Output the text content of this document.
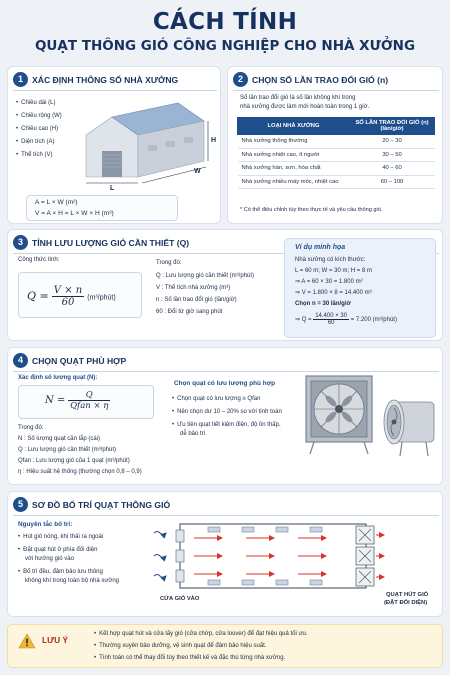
CÁCH TÍNH
QUẠT THÔNG GIÓ CÔNG NGHIỆP CHO NHÀ XƯỞNG
1	XÁC ĐỊNH THÔNG SỐ NHÀ XƯỞNG
• Chiều dài (L)
• Chiều rộng (W)
• Chiều cao (H)
• Diện tích (A)
• Thể tích (V)
H
L
W
A = L × W (m²)
V = A × H = L × W × H (m³)
2	CHỌN SỐ LẦN TRAO ĐỔI GIÓ (n)
Số lần trao đổi gió là số lần không khí trong
nhà xưởng được làm mới hoàn toàn trong 1 giờ.
LOẠI NHÀ XƯỞNG	SỐ LẦN TRAO ĐỔI GIÓ (n) (lần/giờ)
Nhà xưởng thông thường	20 – 30
Nhà xưởng nhiệt cao, ít người	30 – 50
Nhà xưởng hàn, sơn, hóa chất	40 – 60
Nhà xưởng nhiều máy móc, nhiệt cao	60 – 100
* Có thể điều chỉnh tùy theo thực tế và yêu cầu thông gió.
3	TÍNH LƯU LƯỢNG GIÓ CẦN THIẾT (Q)
Công thức tính:
$Q = \frac{V \times n}{60}$ (m³/phút)
Trong đó:
Q : Lưu lượng gió cần thiết (m³/phút)
V : Thể tích nhà xưởng (m³)
n : Số lần trao đổi gió (lần/giờ)
60 : Đổi từ giờ sang phút
Ví dụ minh họa
Nhà xưởng có kích thước:
L = 60 m; W = 30 m; H = 8 m
⇒ A = 60 × 30 = 1.800 m²
⇒ V = 1.800 × 8 = 14.400 m³
Chọn n = 30 lần/giờ
⇒ $Q = \frac{14.400 \times 30}{60} = 7.200$ (m³/phút)
4	CHỌN QUẠT PHÙ HỢP
Xác định số lượng quạt (N):
$N = \frac{Q}{\text{Qfan × η}}$
Trong đó:
N : Số lượng quạt cần lắp (cái)
Q : Lưu lượng gió cần thiết (m³/phút)
Qfan : Lưu lượng gió của 1 quạt (m³/phút)
η : Hiệu suất hệ thống (thường chọn 0,8 – 0,9)
Chọn quạt có lưu lượng phù hợp
• Chọn quạt có lưu lượng ≥ Qfan
• Nên chọn dư 10 – 20% so với tính toán
• Ưu tiên quạt tiết kiệm điện, độ ồn thấp,
dễ bảo trì
5	SƠ ĐỒ BỐ TRÍ QUẠT THÔNG GIÓ
Nguyên tắc bố trí:
• Hút gió nóng, khí thải ra ngoài
• Đặt quạt hút ở phía đối diện
với hướng gió vào
• Bố trí đều, đảm bảo lưu thông
không khí trong toàn bộ nhà xưởng
CỬA GIÓ VÀO
QUẠT HÚT GIÓ
(ĐẶT ĐỐI DIỆN)
LƯU Ý
• Kết hợp quạt hút và cửa lấy gió (cửa chớp, cửa louver) để đạt hiệu quả tối ưu.
• Thường xuyên bảo dưỡng, vệ sinh quạt để đảm bảo hiệu suất.
• Tính toán có thể thay đổi tùy theo thiết kế và đặc thù từng nhà xưởng.
